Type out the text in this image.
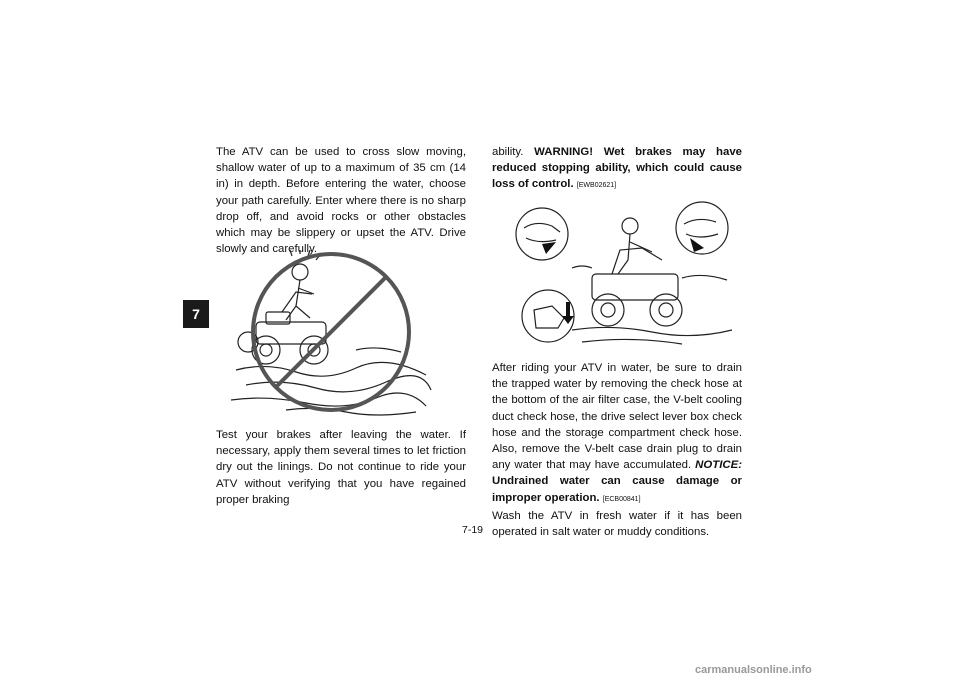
7

The ATV can be used to cross slow moving, shallow water of up to a maximum of 35 cm (14 in) in depth. Before entering the water, choose your path carefully. Enter where there is no sharp drop off, and avoid rocks or other obstacles which may be slippery or upset the ATV. Drive slowly and carefully.

Test your brakes after leaving the water. If necessary, apply them several times to let friction dry out the linings. Do not continue to ride your ATV without verifying that you have regained proper braking

ability. WARNING! Wet brakes may have reduced stopping ability, which could cause loss of control. [EWB02621]

After riding your ATV in water, be sure to drain the trapped water by removing the check hose at the bottom of the air filter case, the V-belt cooling duct check hose, the drive select lever box check hose and the storage compartment check hose. Also, remove the V-belt case drain plug to drain any water that may have accumulated. NOTICE: Undrained water can cause damage or improper operation. [ECB00841]

Wash the ATV in fresh water if it has been operated in salt water or muddy conditions.

7-19
carmanualsonline.info
